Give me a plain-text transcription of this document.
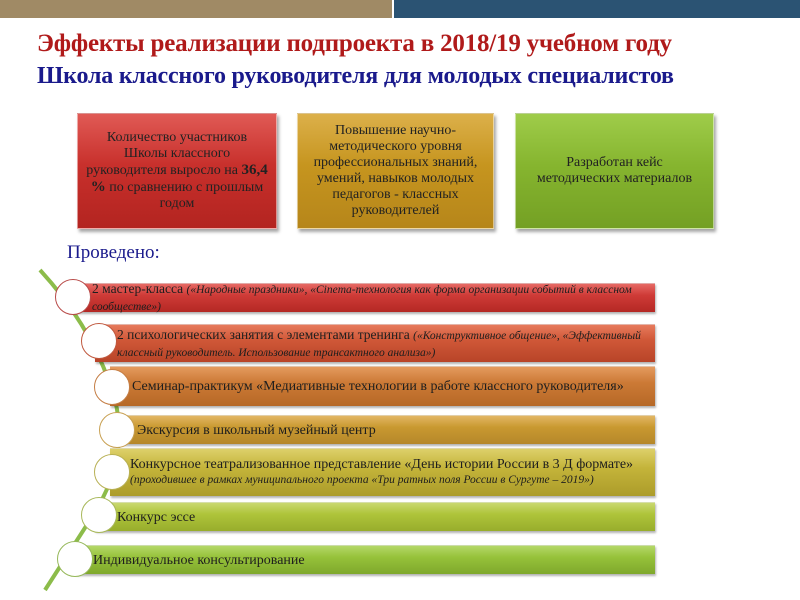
Эффекты реализации подпроекта в 2018/19 учебном году
Школа классного руководителя для молодых специалистов
Количество участников Школы классного руководителя выросло на 36,4 % по сравнению с прошлым годом
Повышение научно-методического уровня профессиональных знаний, умений, навыков молодых педагогов - классных руководителей
Разработан кейс методических материалов
Проведено:
2 мастер-класса («Народные праздники», «Cinema-технология как форма организации событий в классном сообществе»)
2 психологических занятия с элементами тренинга («Конструктивное общение», «Эффективный классный руководитель. Использование трансактного анализа»)
Семинар-практикум «Медиативные технологии в работе классного руководителя»
Экскурсия в школьный музейный центр
Конкурсное театрализованное представление «День истории России в 3 Д формате» (проходившее в рамках муниципального проекта «Три ратных поля России в Сургуте – 2019»)
Конкурс эссе
Индивидуальное консультирование
